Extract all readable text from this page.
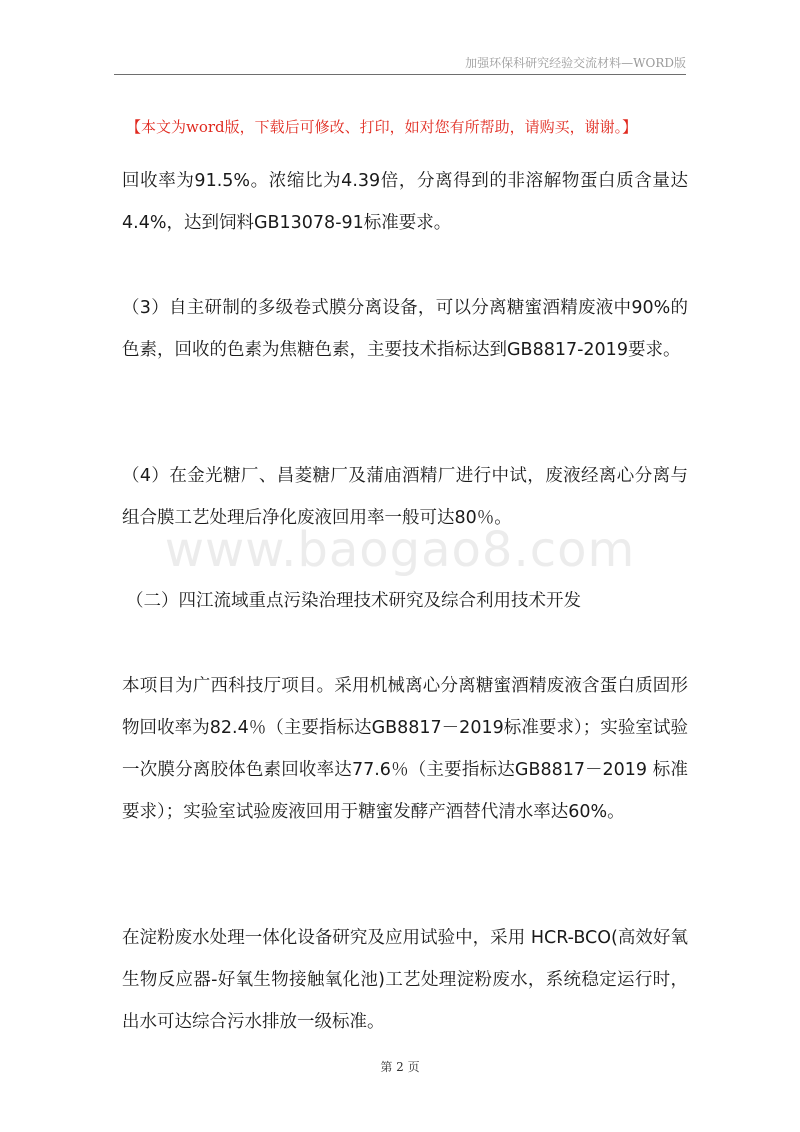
加强环保科研究经验交流材料—WORD版
【本文为word版，下载后可修改、打印，如对您有所帮助，请购买，谢谢。】
回收率为91.5%。浓缩比为4.39倍，分离得到的非溶解物蛋白质含量达4.4%，达到饲料GB13078-91标准要求。
（3）自主研制的多级卷式膜分离设备，可以分离糖蜜酒精废液中90%的色素，回收的色素为焦糖色素，主要技术指标达到GB8817-2019要求。
（4）在金光糖厂、昌菱糖厂及蒲庙酒精厂进行中试，废液经离心分离与组合膜工艺处理后净化废液回用率一般可达80％。
www.baogao8.com
（二）四江流域重点污染治理技术研究及综合利用技术开发
本项目为广西科技厅项目。采用机械离心分离糖蜜酒精废液含蛋白质固形物回收率为82.4％（主要指标达GB8817－2019标准要求）；实验室试验一次膜分离胶体色素回收率达77.6％（主要指标达GB8817－2019 标准要求）；实验室试验废液回用于糖蜜发酵产酒替代清水率达60%。
在淀粉废水处理一体化设备研究及应用试验中，采用 HCR-BCO(高效好氧生物反应器-好氧生物接触氧化池)工艺处理淀粉废水，系统稳定运行时，出水可达综合污水排放一级标准。
第 2 页
